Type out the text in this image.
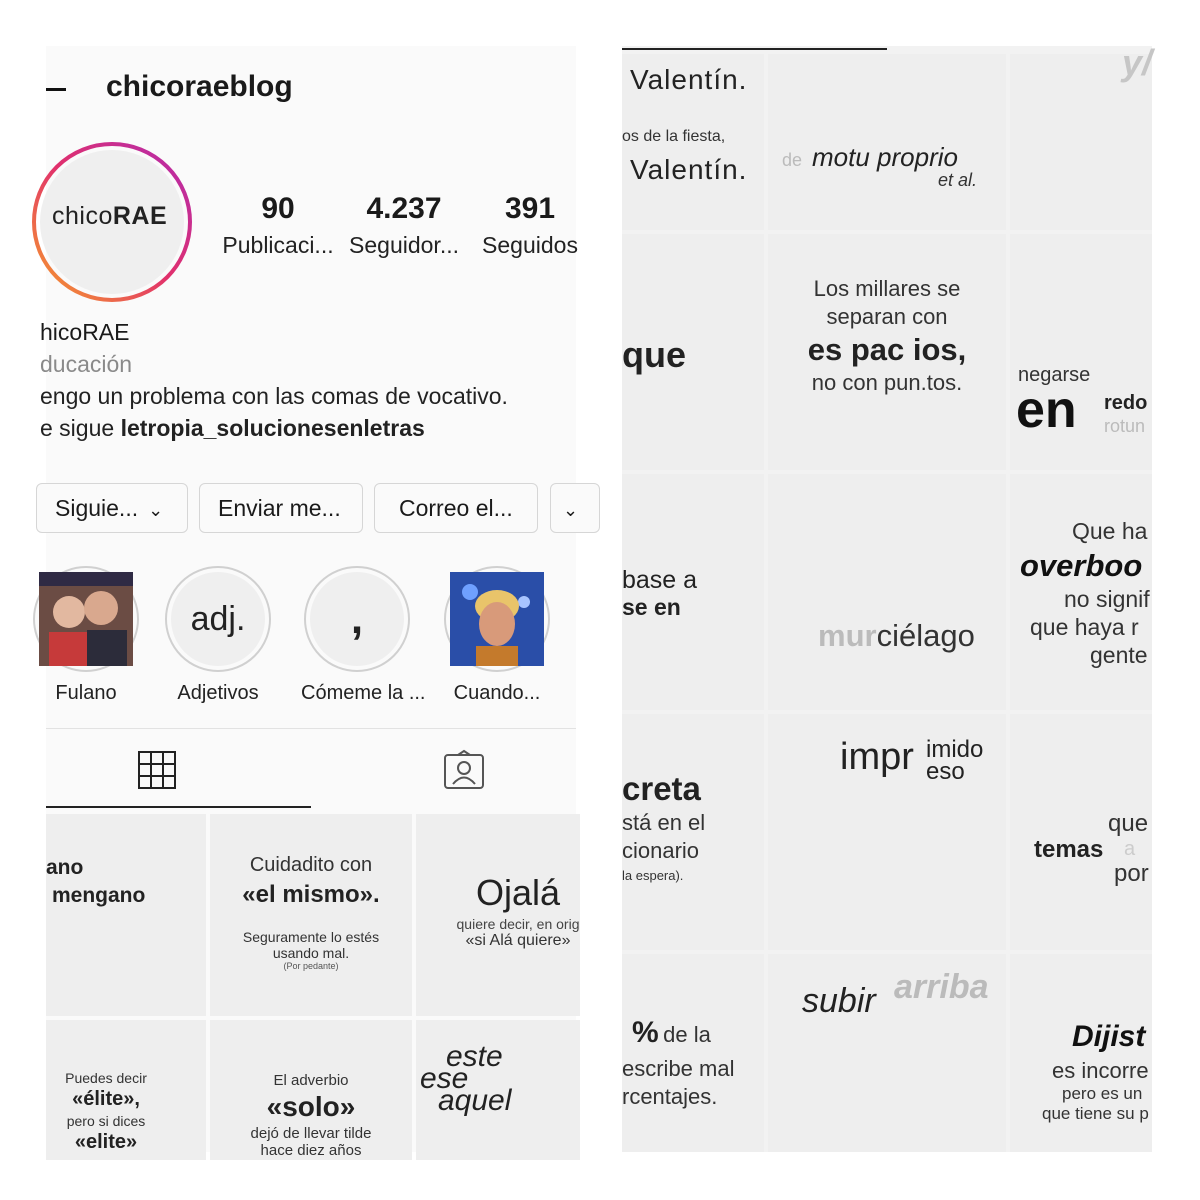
chicoraeblog
chicoRAE	90
Publicaci...
4.237
Seguidor...
391
Seguidos
hicoRAE
ducación
engo un problema con las comas de vocativo.
e sigue letropia_solucionesenletras
Siguie... ⌄	Enviar me...	Correo el...	⌄
Fulano
adj.
Adjetivos
,
Cómeme la ...	Cuando...
ano
mengano
Cuidadito con
«el mismo».
Seguramente lo estés
usando mal.
(Por pedante)
Ojalá
quiere decir, en orig
«si Alá quiere»
Puedes decir
«élite»,
pero si dices
«elite»
El adverbio
«solo»
dejó de llevar tilde
hace diez años
este
ese
aquel
Valentín.
os de la fiesta,
Valentín. de motu proprio
et al.
y/
que
Los millares se
separan con
es pac ios,
no con pun.tos.	negarse
en redo
rotun
base a
se en
murciélago
Que ha
overboo
no signif
que haya r
gente
creta
stá en el
cionario
la espera).
impr imido
eso
que
temas a
por
% de la
escribe mal
rcentajes.
subir arriba
Dijist
es incorre
pero es un
que tiene su p
